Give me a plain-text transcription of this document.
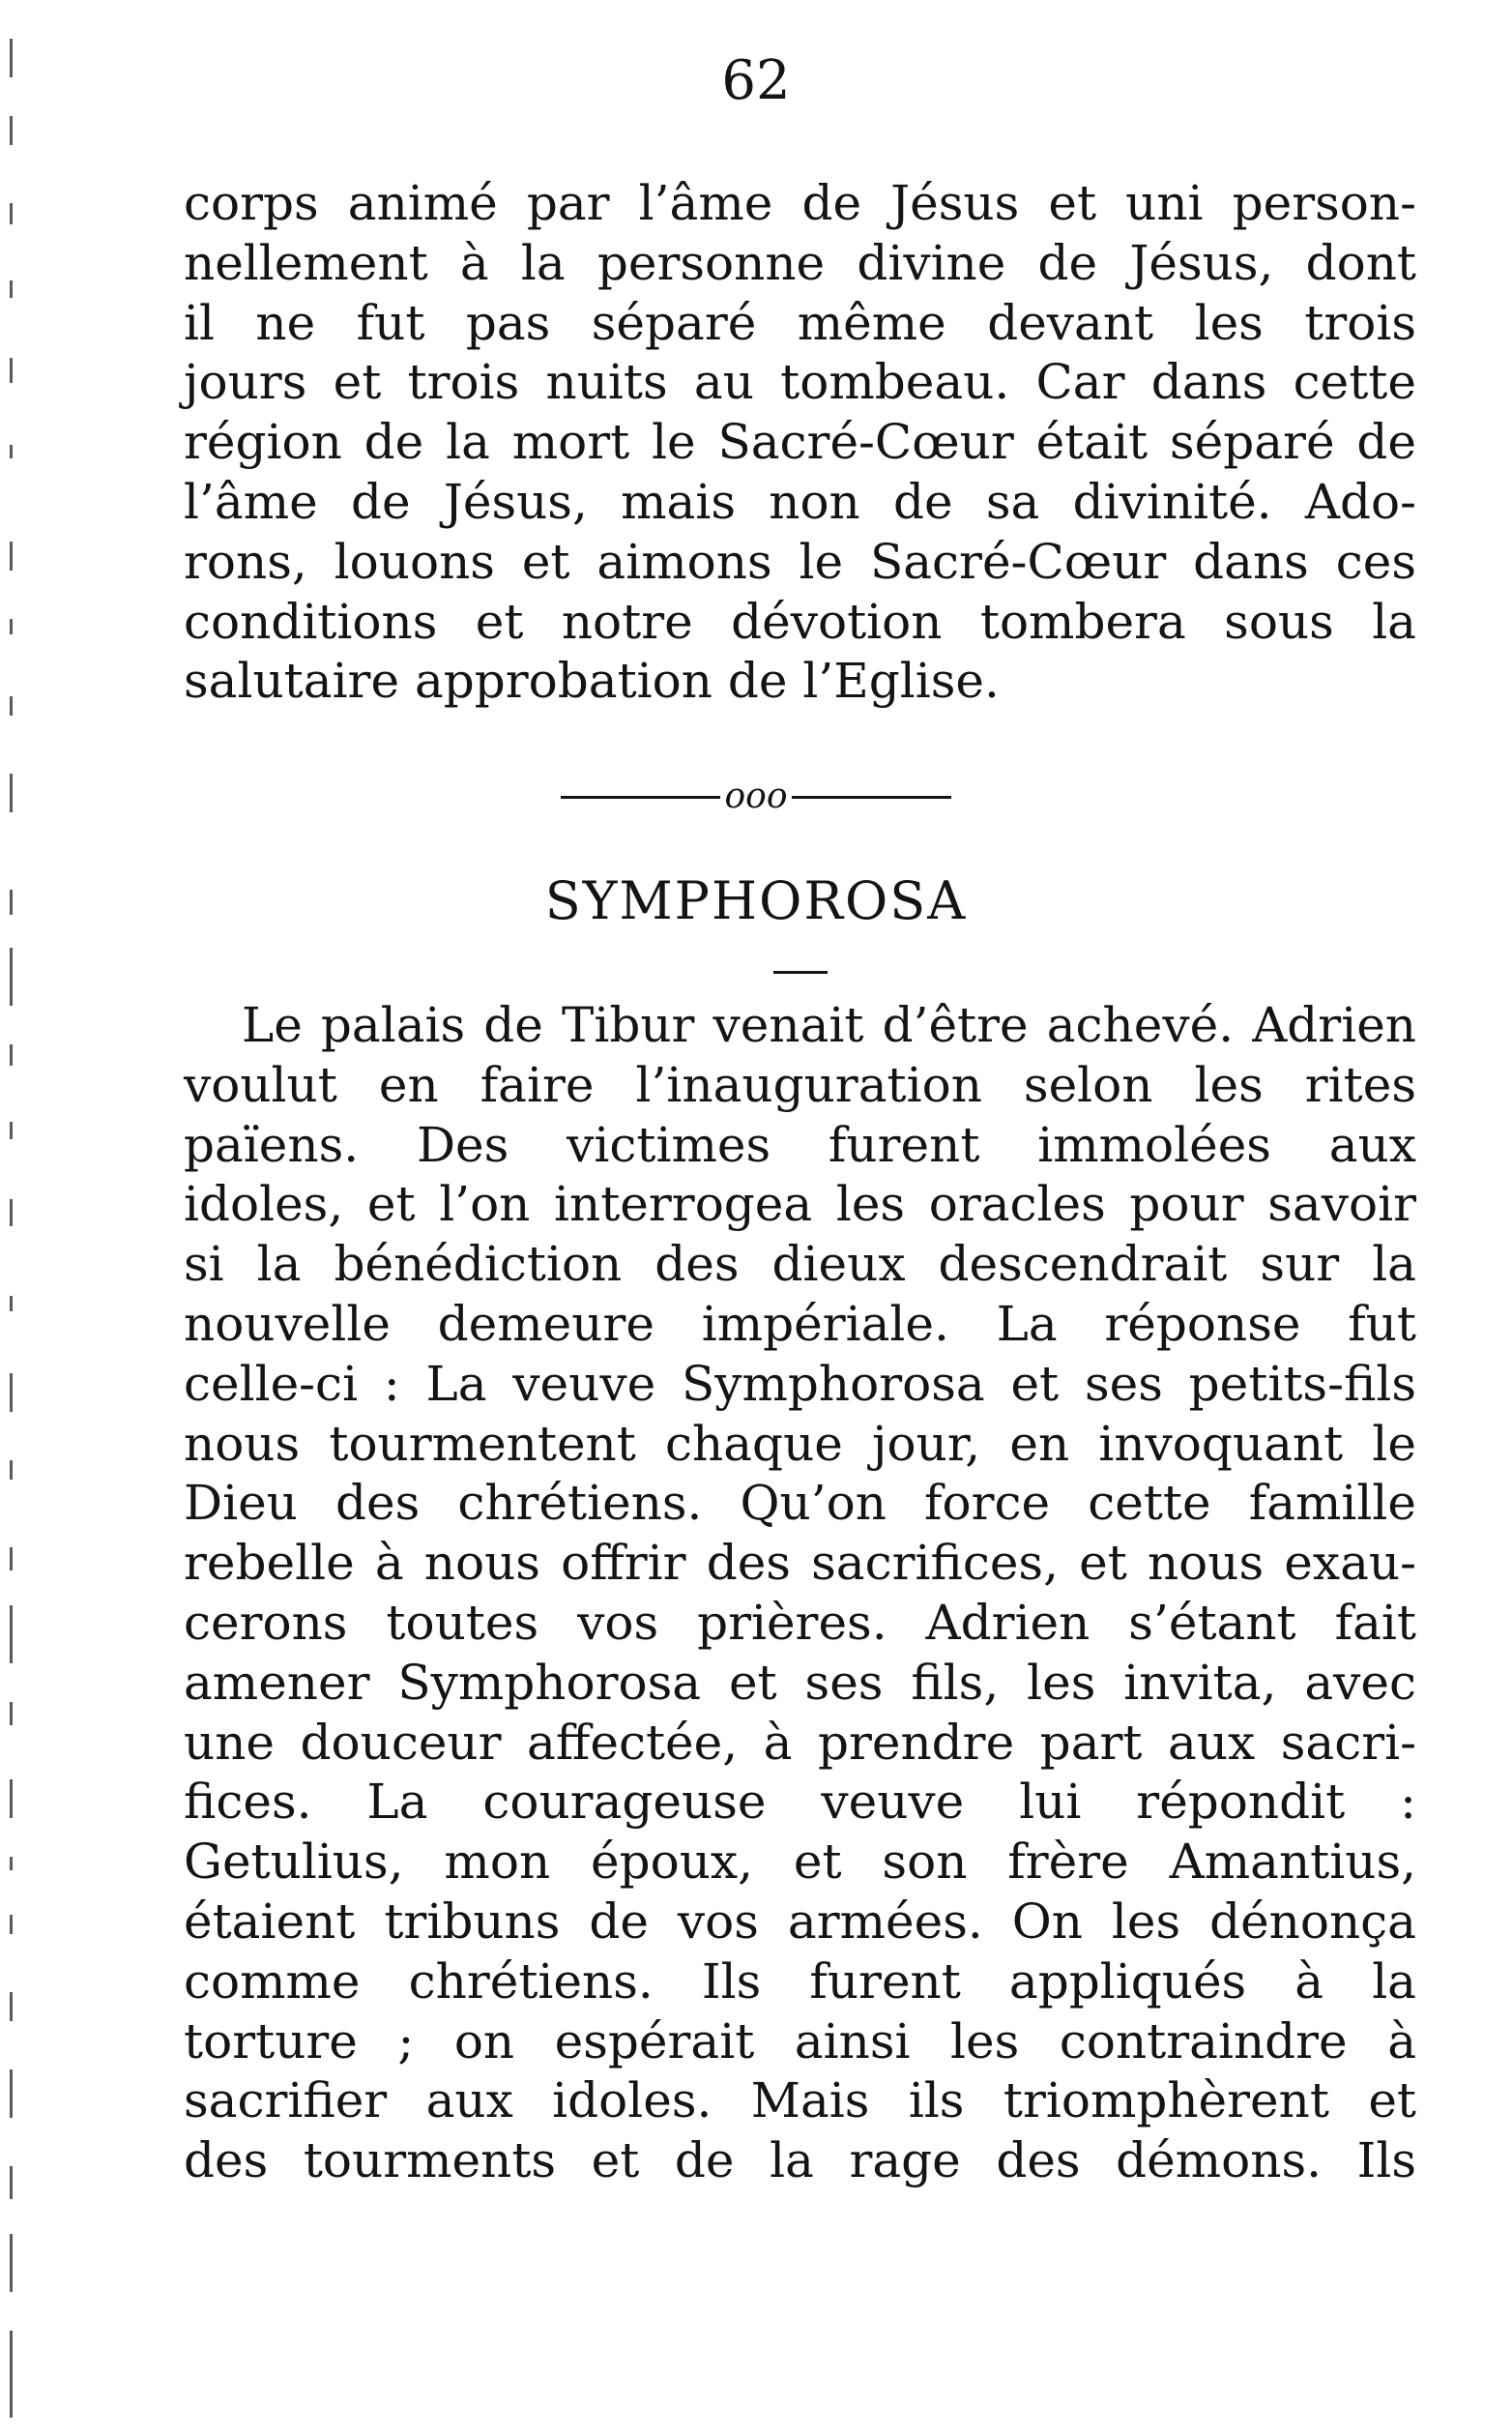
62
corps animé par l’âme de Jésus et uni person-
nellement à la personne divine de Jésus, dont
il ne fut pas séparé même devant les trois
jours et trois nuits au tombeau. Car dans cette
région de la mort le Sacré-Cœur était séparé de
l’âme de Jésus, mais non de sa divinité. Ado-
rons, louons et aimons le Sacré-Cœur dans ces
conditions et notre dévotion tombera sous la
salutaire approbation de l’Eglise.
ooo
SYMPHOROSA
Le palais de Tibur venait d’être achevé. Adrien
voulut en faire l’inauguration selon les rites
païens. Des victimes furent immolées aux
idoles, et l’on interrogea les oracles pour savoir
si la bénédiction des dieux descendrait sur la
nouvelle demeure impériale. La réponse fut
celle-ci : La veuve Symphorosa et ses petits-fils
nous tourmentent chaque jour, en invoquant le
Dieu des chrétiens. Qu’on force cette famille
rebelle à nous offrir des sacrifices, et nous exau-
cerons toutes vos prières. Adrien s’étant fait
amener Symphorosa et ses fils, les invita, avec
une douceur affectée, à prendre part aux sacri-
fices. La courageuse veuve lui répondit :
Getulius, mon époux, et son frère Amantius,
étaient tribuns de vos armées. On les dénonça
comme chrétiens. Ils furent appliqués à la
torture ; on espérait ainsi les contraindre à
sacrifier aux idoles. Mais ils triomphèrent et
des tourments et de la rage des démons. Ils
